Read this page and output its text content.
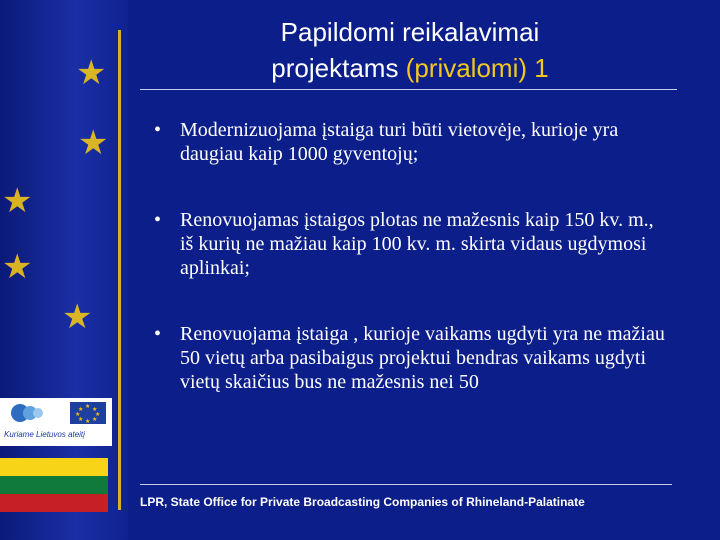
★
★
★
★
★
Papildomi reikalavimai
projektams (privalomi) 1
• Modernizuojama įstaiga turi būti vietovėje, kurioje yra daugiau kaip 1000 gyventojų;
• Renovuojamas įstaigos plotas ne mažesnis kaip 150 kv. m., iš kurių ne mažiau kaip 100 kv. m. skirta vidaus ugdymosi aplinkai;
• Renovuojama įstaiga , kurioje vaikams ugdyti yra ne mažiau 50 vietų arba pasibaigus projektui bendras vaikams ugdyti vietų skaičius bus ne mažesnis nei 50
★ ★
★
★
★
★
★
★
Kuriame Lietuvos ateitį
LPR, State Office for Private Broadcasting Companies of Rhineland-Palatinate
